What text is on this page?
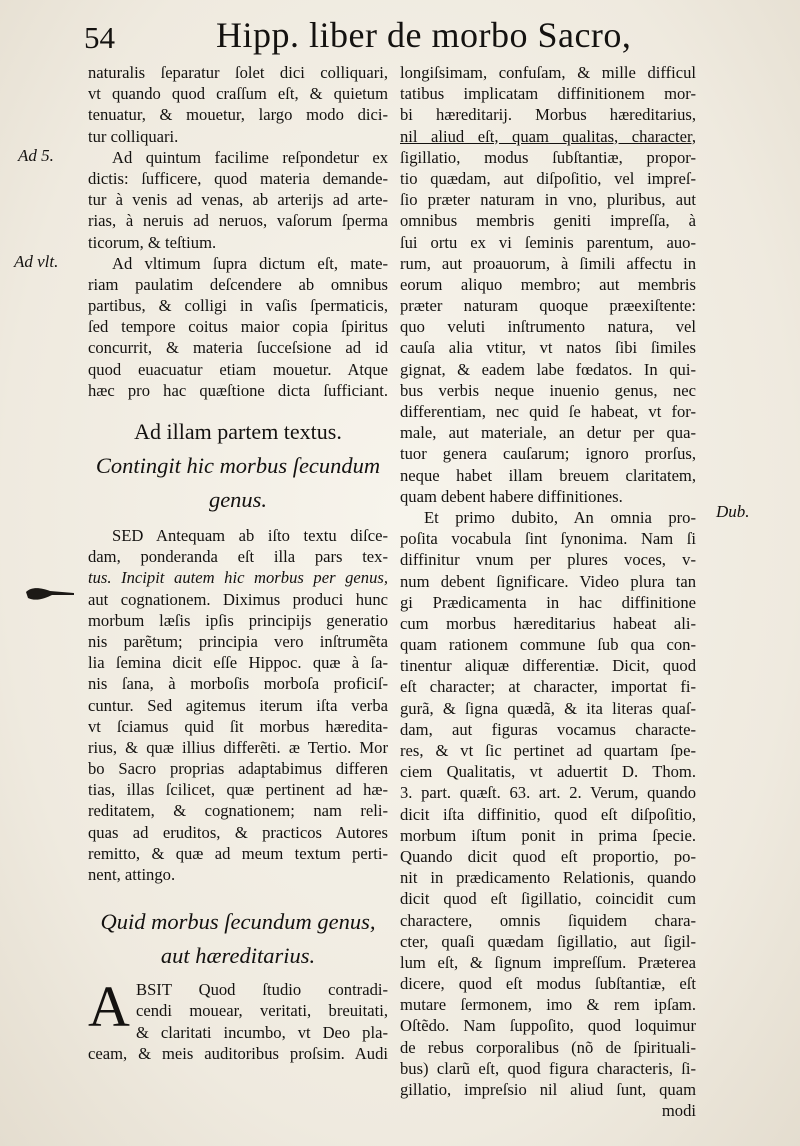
54	Hipp. liber de morbo Sacro,
Ad 5.
Ad vlt.
Dub.
naturalis ſeparatur ſolet dici colliquari,
vt quando quod craſſum eſt, & quietum
tenuatur, & mouetur, largo modo dici-
tur colliquari.
Ad quintum facilime reſpondetur ex
dictis: ſufficere, quod materia demande-
tur à venis ad venas, ab arterijs ad arte-
rias, à neruis ad neruos, vaſorum ſperma
ticorum, & teſtium.
Ad vltimum ſupra dictum eſt, mate-
riam paulatim deſcendere ab omnibus
partibus, & colligi in vaſis ſpermaticis,
ſed tempore coitus maior copia ſpiritus
concurrit, & materia ſucceſsione ad id
quod euacuatur etiam mouetur. Atque
hæc pro hac quæſtione dicta ſufficiant.
Ad illam partem textus.
Contingit hic morbus ſecundum
genus.
SED Antequam ab iſto textu diſce-
dam, ponderanda eſt illa pars tex-
tus. Incipit autem hic morbus per genus,
aut cognationem. Diximus produci hunc
morbum læſis ipſis principijs generatio
nis parẽtum; principia vero inſtrumẽta
lia ſemina dicit eſſe Hippoc. quæ à ſa-
nis ſana, à morboſis morboſa proficiſ-
cuntur. Sed agitemus iterum iſta verba
vt ſciamus quid ſit morbus hæredita-
rius, & quæ illius differẽti. æ Tertio. Mor
bo Sacro proprias adaptabimus differen
tias, illas ſcilicet, quæ pertinent ad hæ-
reditatem, & cognationem; nam reli-
quas ad eruditos, & practicos Autores
remitto, & quæ ad meum textum perti-
nent, attingo.
Quid morbus ſecundum genus,
aut hæreditarius.
A BSIT Quod ſtudio contradi-
cendi mouear, veritati, breuitati,
& claritati incumbo, vt Deo pla-
ceam, & meis auditoribus proſsim. Audi
longiſsimam, confuſam, & mille difficul
tatibus implicatam diffinitionem mor-
bi hæreditarij. Morbus hæreditarius,
nil aliud eſt, quam qualitas, character,
ſigillatio, modus ſubſtantiæ, propor-
tio quædam, aut diſpoſitio, vel impreſ-
ſio præter naturam in vno, pluribus, aut
omnibus membris geniti impreſſa, à
ſui ortu ex vi ſeminis parentum, auo-
rum, aut proauorum, à ſimili affectu in
eorum aliquo membro; aut membris
præter naturam quoque præexiſtente:
quo veluti inſtrumento natura, vel
cauſa alia vtitur, vt natos ſibi ſimiles
gignat, & eadem labe fœdatos. In qui-
bus verbis neque inuenio genus, nec
differentiam, nec quid ſe habeat, vt for-
male, aut materiale, an detur per qua-
tuor genera cauſarum; ignoro prorſus,
neque habet illam breuem claritatem,
quam debent habere diffinitiones.
Et primo dubito, An omnia pro-
poſita vocabula ſint ſynonima. Nam ſi
diffinitur vnum per plures voces, v-
num debent ſignificare. Video plura tan
gi Prædicamenta in hac diffinitione
cum morbus hæreditarius habeat ali-
quam rationem commune ſub qua con-
tinentur aliquæ differentiæ. Dicit, quod
eſt character; at character, importat fi-
gurã, & ſigna quædã, & ita literas quaſ-
dam, aut figuras vocamus characte-
res, & vt ſic pertinet ad quartam ſpe-
ciem Qualitatis, vt aduertit D. Thom.
3. part. quæſt. 63. art. 2. Verum, quando
dicit iſta diffinitio, quod eſt diſpoſitio,
morbum iſtum ponit in prima ſpecie.
Quando dicit quod eſt proportio, po-
nit in prædicamento Relationis, quando
dicit quod eſt ſigillatio, coincidit cum
charactere, omnis ſiquidem chara-
cter, quaſi quædam ſigillatio, aut ſigil-
lum eſt, & ſignum impreſſum. Præterea
dicere, quod eſt modus ſubſtantiæ, eſt
mutare ſermonem, imo & rem ipſam.
Oſtẽdo. Nam ſuppoſito, quod loquimur
de rebus corporalibus (nõ de ſpirituali-
bus) clarũ eſt, quod figura characteris, ſi-
gillatio, impreſsio nil aliud ſunt, quam
modi
